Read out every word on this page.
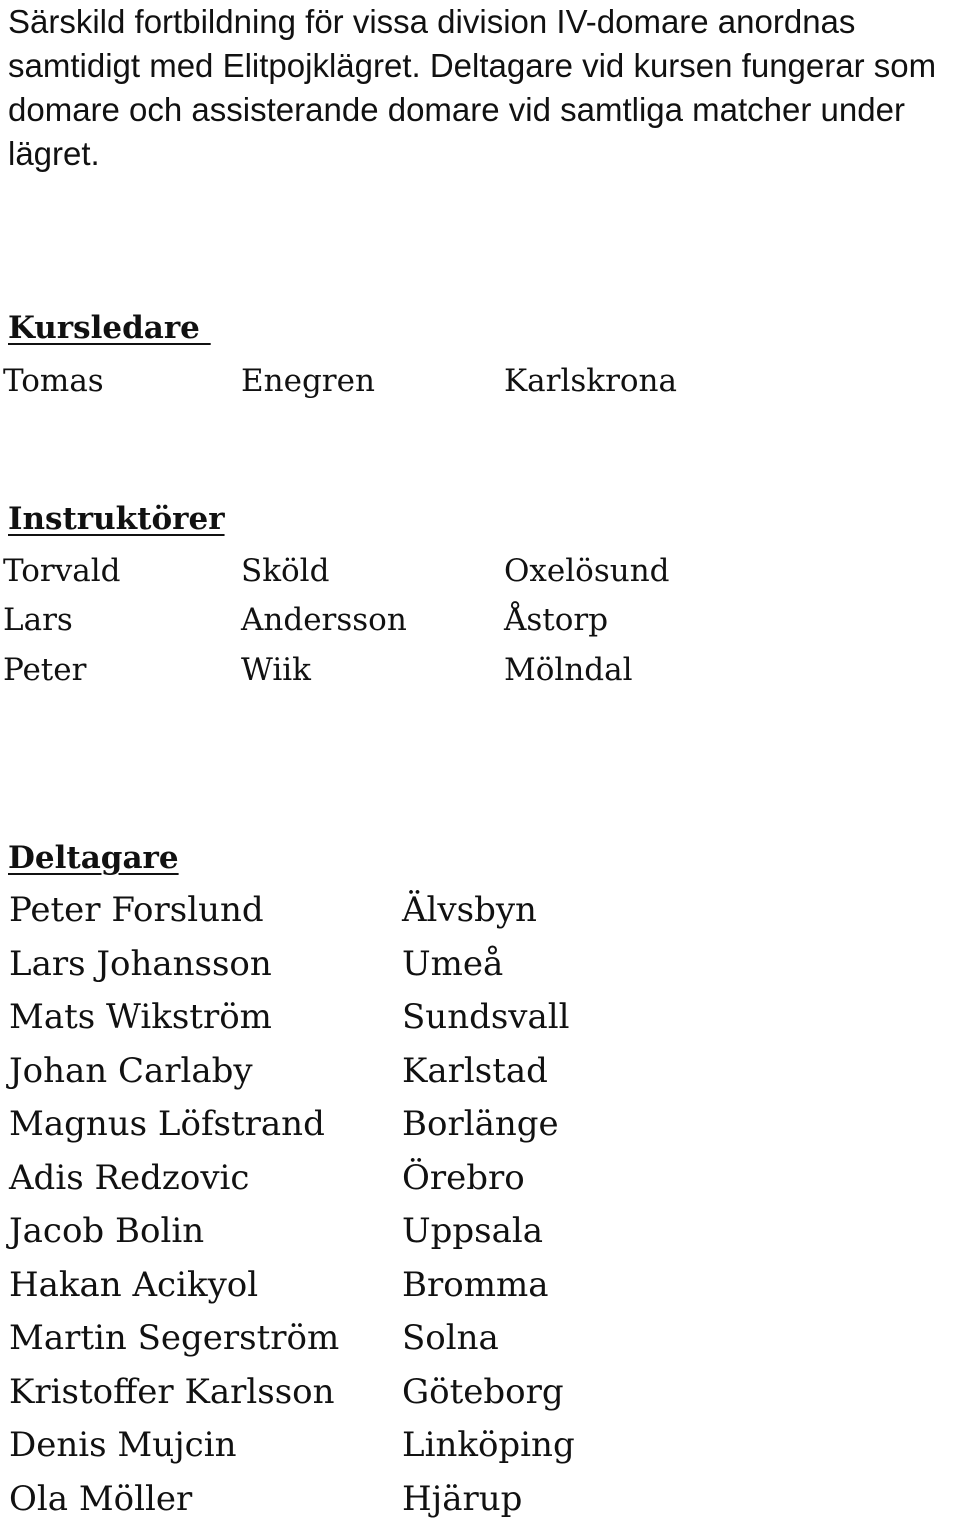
Särskild fortbildning för vissa division IV-domare anordnas samtidigt med Elitpojklägret. Deltagare vid kursen fungerar som domare och assisterande domare vid samtliga matcher under lägret.

Kursledare
Tomas	Enegren	Karlskrona
Instruktörer
Torvald	Sköld	Oxelösund
Lars	Andersson	Åstorp
Peter	Wiik	Mölndal
Deltagare
Peter Forslund	Älvsbyn
Lars Johansson	Umeå
Mats Wikström	Sundsvall
Johan Carlaby	Karlstad
Magnus Löfstrand Borlänge
Adis Redzovic	Örebro
Jacob Bolin	Uppsala
Hakan Acikyol	Bromma
Martin Segerström Solna
Kristoffer Karlsson Göteborg
Denis Mujcin	Linköping
Ola Möller	Hjärup
